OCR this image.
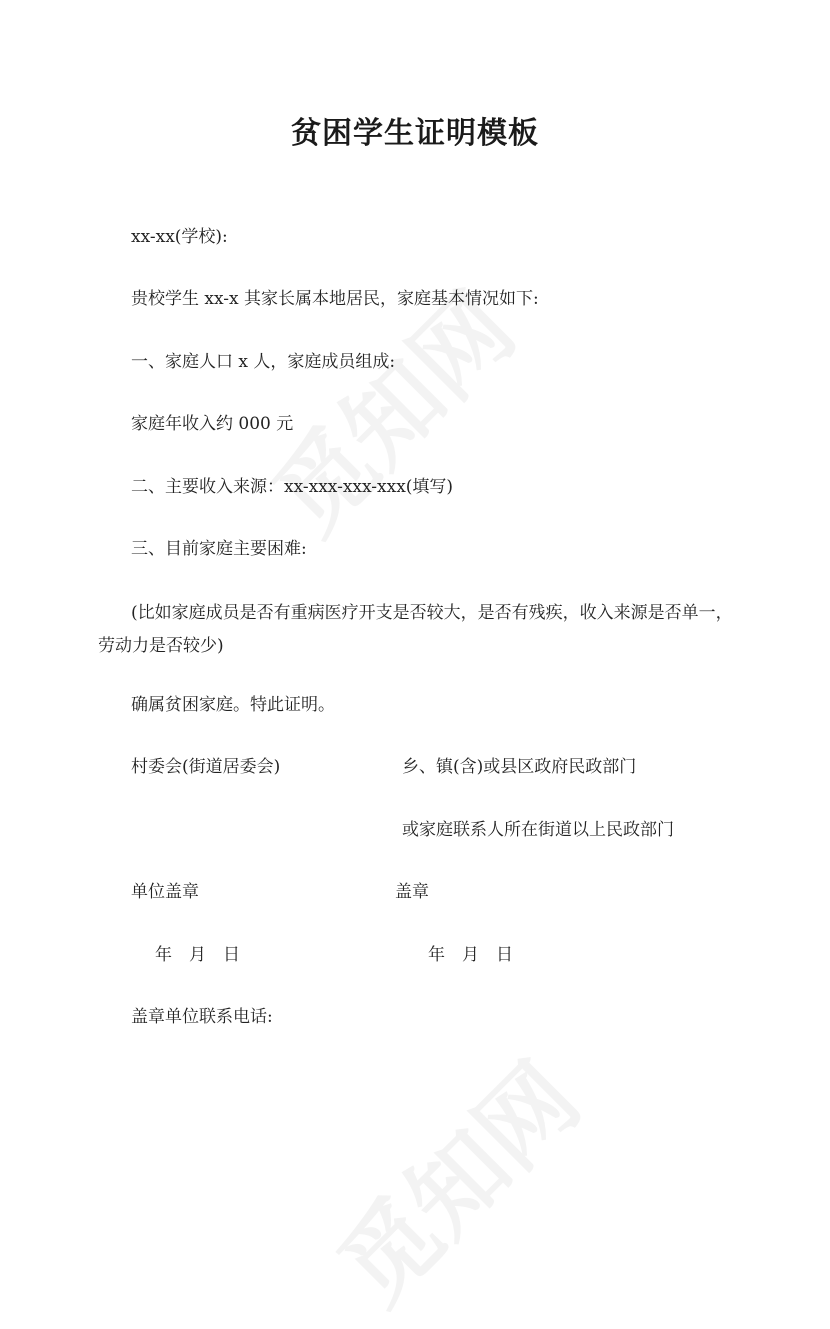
贫困学生证明模板
xx-xx(学校):
贵校学生 xx-x 其家长属本地居民，家庭基本情况如下:
一、家庭人口 x 人，家庭成员组成:
家庭年收入约 000 元
二、主要收入来源：xx-xxx-xxx-xxx(填写)
三、目前家庭主要困难:
(比如家庭成员是否有重病医疗开支是否较大，是否有残疾，收入来源是否单一，劳动力是否较少)
确属贫困家庭。特此证明。
村委会(街道居委会)	乡、镇(含)或县区政府民政部门
或家庭联系人所在街道以上民政部门
单位盖章	盖章
年　月　日	年　月　日
盖章单位联系电话:
